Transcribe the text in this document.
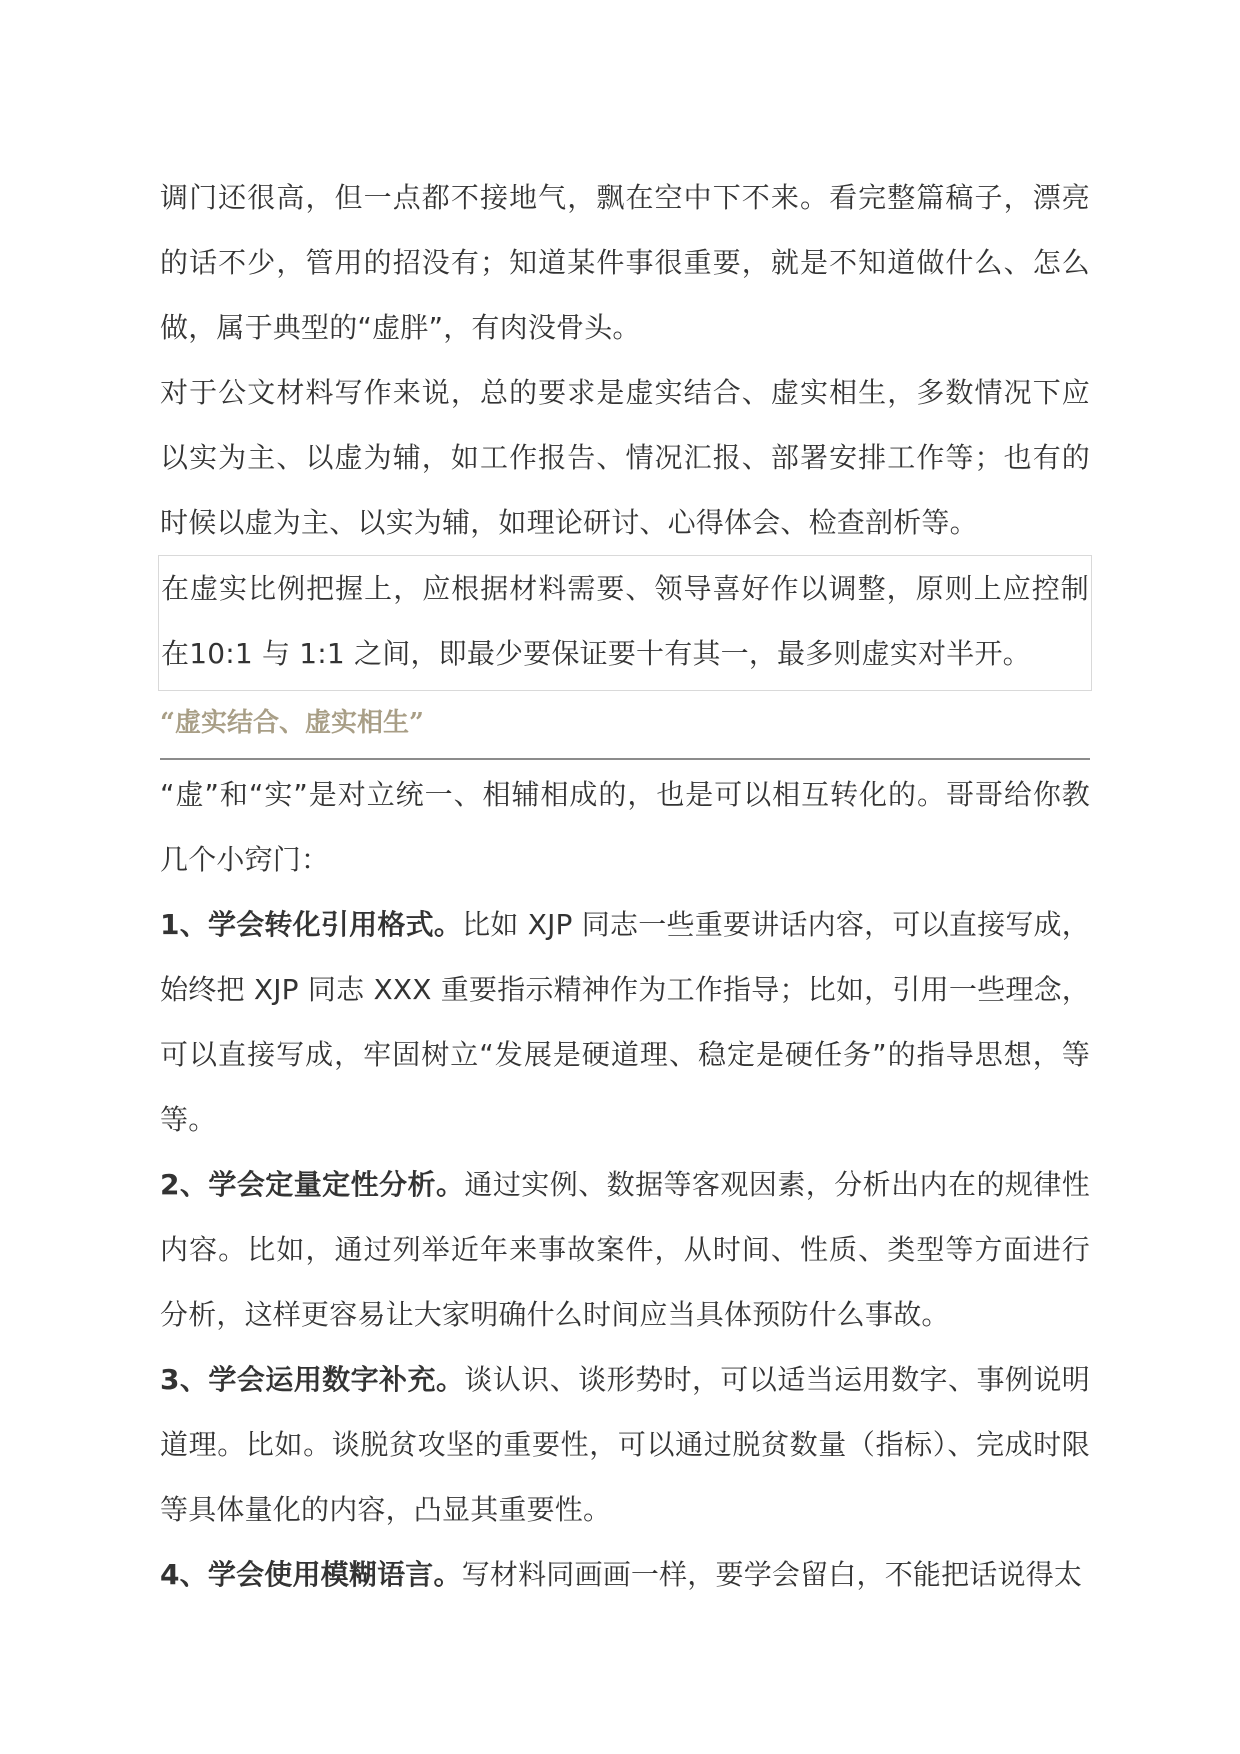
调门还很高，但一点都不接地气，飘在空中下不来。看完整篇稿子，漂亮的话不少，管用的招没有；知道某件事很重要，就是不知道做什么、怎么做，属于典型的“虚胖”，有肉没骨头。

对于公文材料写作来说，总的要求是虚实结合、虚实相生，多数情况下应以实为主、以虚为辅，如工作报告、情况汇报、部署安排工作等；也有的时候以虚为主、以实为辅，如理论研讨、心得体会、检查剖析等。

在虚实比例把握上，应根据材料需要、领导喜好作以调整，原则上应控制在10:1 与 1:1 之间，即最少要保证要十有其一，最多则虚实对半开。

“虚实结合、虚实相生”

“虚”和“实”是对立统一、相辅相成的，也是可以相互转化的。哥哥给你教几个小窍门：

1、学会转化引用格式。比如 XJP 同志一些重要讲话内容，可以直接写成，始终把 XJP 同志 XXX 重要指示精神作为工作指导；比如，引用一些理念，可以直接写成，牢固树立“发展是硬道理、稳定是硬任务”的指导思想，等等。

2、学会定量定性分析。通过实例、数据等客观因素，分析出内在的规律性内容。比如，通过列举近年来事故案件，从时间、性质、类型等方面进行分析，这样更容易让大家明确什么时间应当具体预防什么事故。

3、学会运用数字补充。谈认识、谈形势时，可以适当运用数字、事例说明道理。比如。谈脱贫攻坚的重要性，可以通过脱贫数量（指标）、完成时限等具体量化的内容，凸显其重要性。

4、学会使用模糊语言。写材料同画画一样，要学会留白，不能把话说得太
